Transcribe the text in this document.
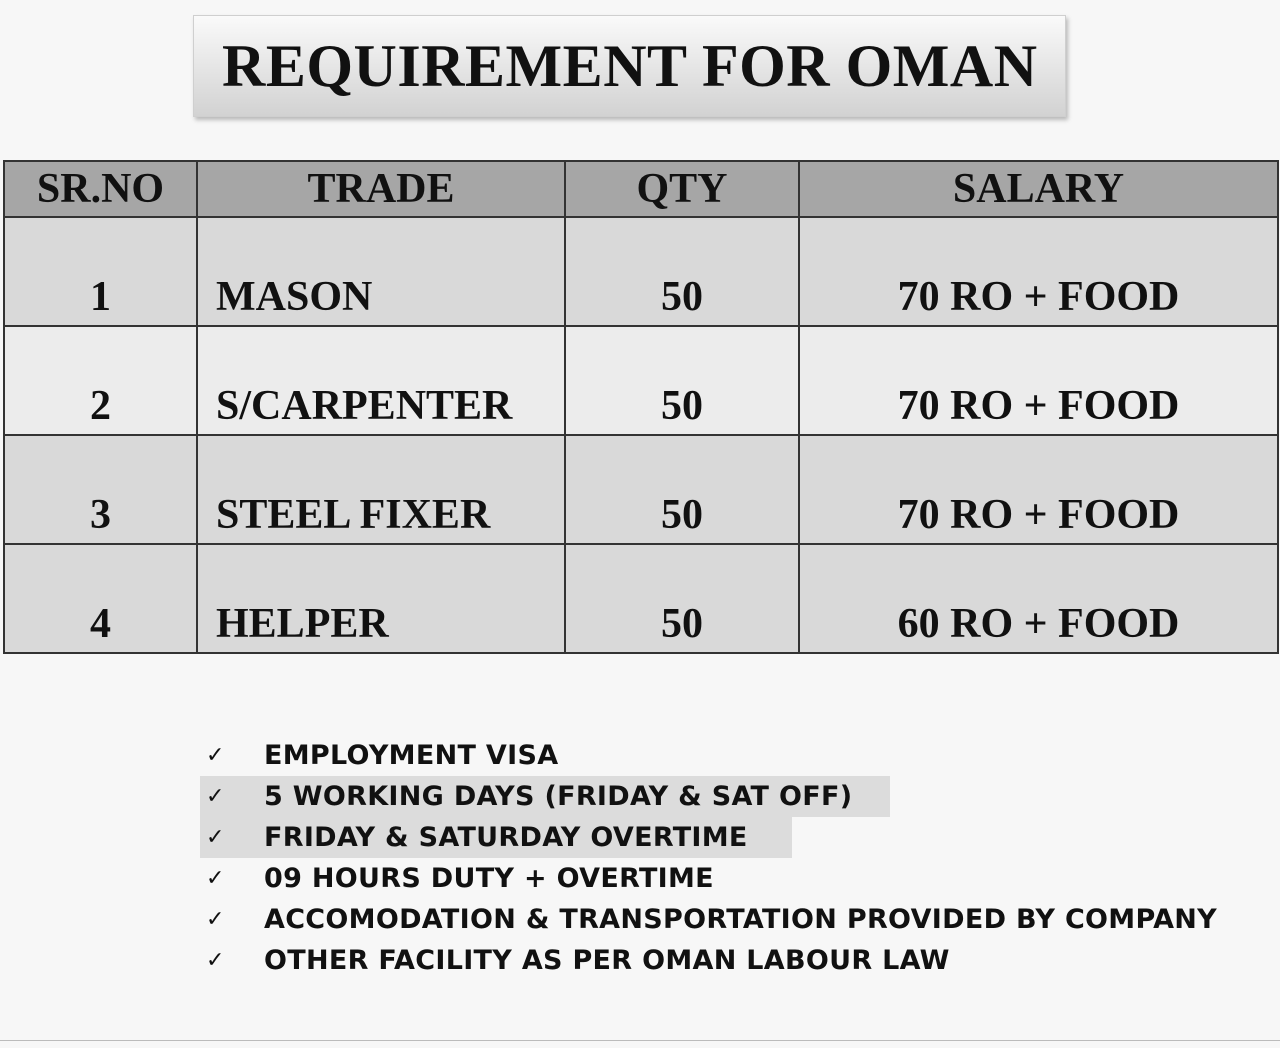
REQUIREMENT FOR OMAN
SR.NO	TRADE	QTY	SALARY
1	MASON	50	70 RO + FOOD
2	S/CARPENTER	50	70 RO + FOOD
3	STEEL FIXER	50	70 RO + FOOD
4	HELPER	50	60 RO + FOOD
✓	EMPLOYMENT VISA
✓	5 WORKING DAYS (FRIDAY & SAT OFF)
✓	FRIDAY & SATURDAY OVERTIME
✓	09 HOURS DUTY + OVERTIME
✓	ACCOMODATION & TRANSPORTATION PROVIDED BY COMPANY
✓	OTHER FACILITY AS PER OMAN LABOUR LAW
